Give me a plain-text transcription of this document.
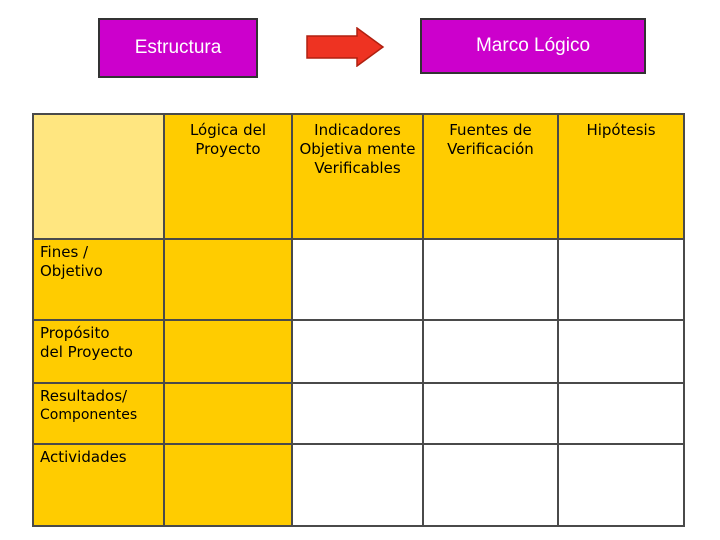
Estructura	Marco Lógico
	Lógica del Proyecto	Indicadores Objetiva mente Verificables	Fuentes de Verificación	Hipótesis

Fines /
Objetivo				

Propósito
del Proyecto				

Resultados/
Componentes				

Actividades				
